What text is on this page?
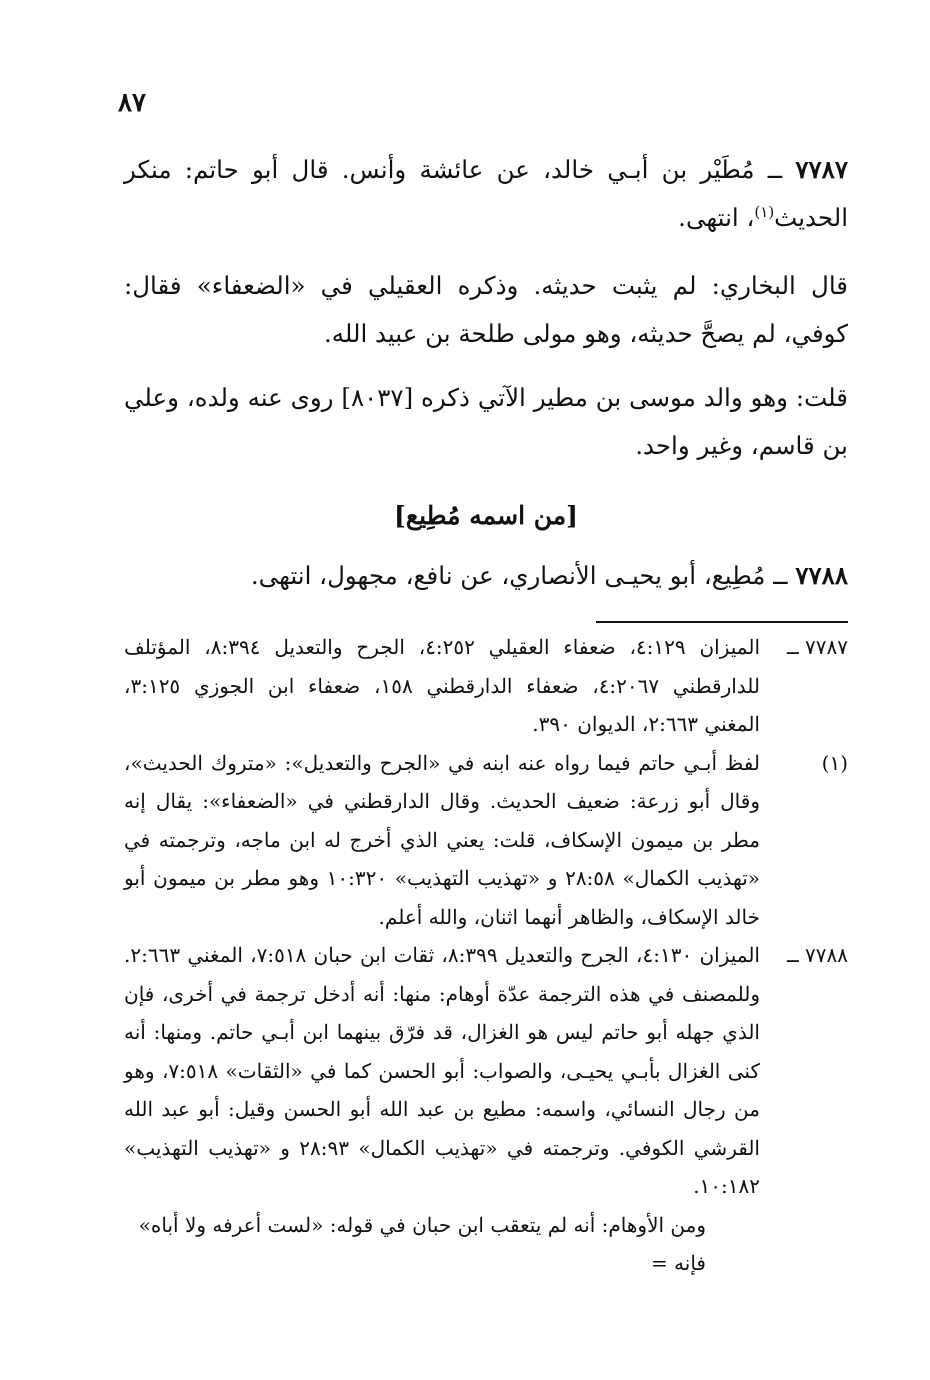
٨٧

٧٧٨٧ ــ مُطَيْر بن أبـي خالد، عن عائشة وأنس. قال أبو حاتم: منكر الحديث$^{(١)}$، انتهى.

قال البخاري: لم يثبت حديثه. وذكره العقيلي في «الضعفاء» فقال: كوفي، لم يصحَّ حديثه، وهو مولى طلحة بن عبيد الله.

قلت: وهو والد موسى بن مطير الآتي ذكره [٨٠٣٧] روى عنه ولده، وعلي بن قاسم، وغير واحد.

[من اسمه مُطِيع]

٧٧٨٨ ــ مُطِيع، أبو يحيـى الأنصاري، عن نافع، مجهول، انتهى.

٧٧٨٧ ــ
الميزان ٤:١٢٩، ضعفاء العقيلي ٤:٢٥٢، الجرح والتعديل ٨:٣٩٤، المؤتلف للدارقطني ٤:٢٠٦٧، ضعفاء الدارقطني ١٥٨، ضعفاء ابن الجوزي ٣:١٢٥، المغني ٢:٦٦٣، الديوان ٣٩٠.

(١)
لفظ أبـي حاتم فيما رواه عنه ابنه في «الجرح والتعديل»: «متروك الحديث»، وقال أبو زرعة: ضعيف الحديث. وقال الدارقطني في «الضعفاء»: يقال إنه مطر بن ميمون الإسكاف، قلت: يعني الذي أخرج له ابن ماجه، وترجمته في «تهذيب الكمال» ٢٨:٥٨ و «تهذيب التهذيب» ١٠:٣٢٠ وهو مطر بن ميمون أبو خالد الإسكاف، والظاهر أنهما اثنان، والله أعلم.

٧٧٨٨ ــ
الميزان ٤:١٣٠، الجرح والتعديل ٨:٣٩٩، ثقات ابن حبان ٧:٥١٨، المغني ٢:٦٦٣. وللمصنف في هذه الترجمة عدّة أوهام: منها: أنه أدخل ترجمة في أخرى، فإن الذي جهله أبو حاتم ليس هو الغزال، قد فرّق بينهما ابن أبـي حاتم. ومنها: أنه كنى الغزال بأبـي يحيـى، والصواب: أبو الحسن كما في «الثقات» ٧:٥١٨، وهو من رجال النسائي، واسمه: مطيع بن عبد الله أبو الحسن وقيل: أبو عبد الله القرشي الكوفي. وترجمته في «تهذيب الكمال» ٢٨:٩٣ و «تهذيب التهذيب» ١٠:١٨٢.

ومن الأوهام: أنه لم يتعقب ابن حبان في قوله: «لست أعرفه ولا أباه» فإنه =
